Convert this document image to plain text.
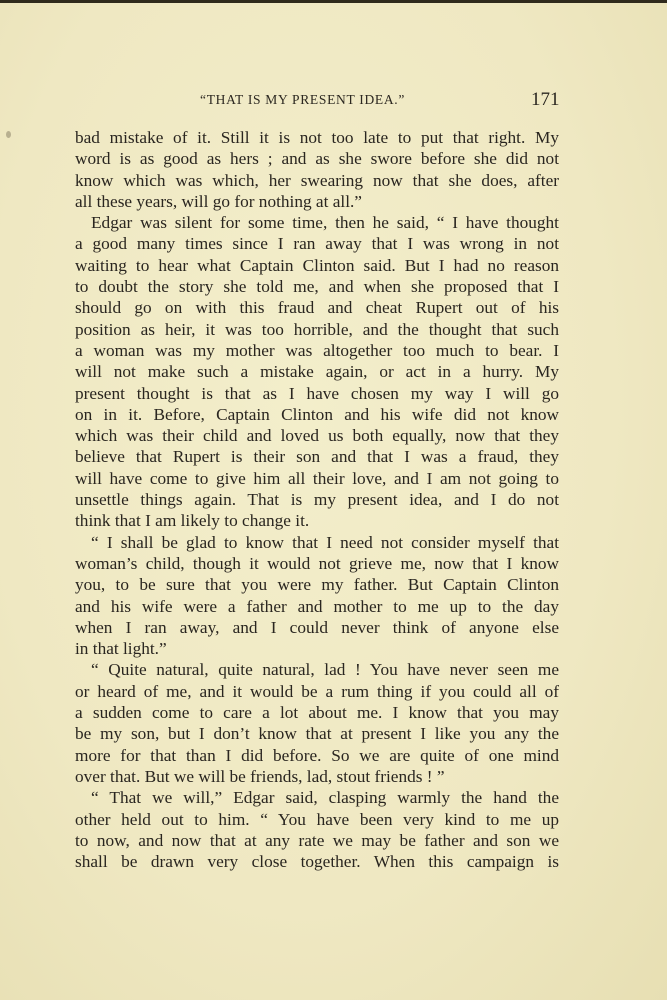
“THAT IS MY PRESENT IDEA.”	171
bad mistake of it. Still it is not too late to put that right. My
word is as good as hers ; and as she swore before she did not
know which was which, her swearing now that she does, after
all these years, will go for nothing at all.”
Edgar was silent for some time, then he said, “ I have thought
a good many times since I ran away that I was wrong in not
waiting to hear what Captain Clinton said. But I had no reason
to doubt the story she told me, and when she proposed that I
should go on with this fraud and cheat Rupert out of his
position as heir, it was too horrible, and the thought that such
a woman was my mother was altogether too much to bear. I
will not make such a mistake again, or act in a hurry. My
present thought is that as I have chosen my way I will go
on in it. Before, Captain Clinton and his wife did not know
which was their child and loved us both equally, now that they
believe that Rupert is their son and that I was a fraud, they
will have come to give him all their love, and I am not going to
unsettle things again. That is my present idea, and I do not
think that I am likely to change it.
“ I shall be glad to know that I need not consider myself that
woman’s child, though it would not grieve me, now that I know
you, to be sure that you were my father. But Captain Clinton
and his wife were a father and mother to me up to the day
when I ran away, and I could never think of anyone else
in that light.”
“ Quite natural, quite natural, lad ! You have never seen me
or heard of me, and it would be a rum thing if you could all of
a sudden come to care a lot about me. I know that you may
be my son, but I don’t know that at present I like you any the
more for that than I did before. So we are quite of one mind
over that. But we will be friends, lad, stout friends ! ”
“ That we will,” Edgar said, clasping warmly the hand the
other held out to him. “ You have been very kind to me up
to now, and now that at any rate we may be father and son we
shall be drawn very close together. When this campaign is
